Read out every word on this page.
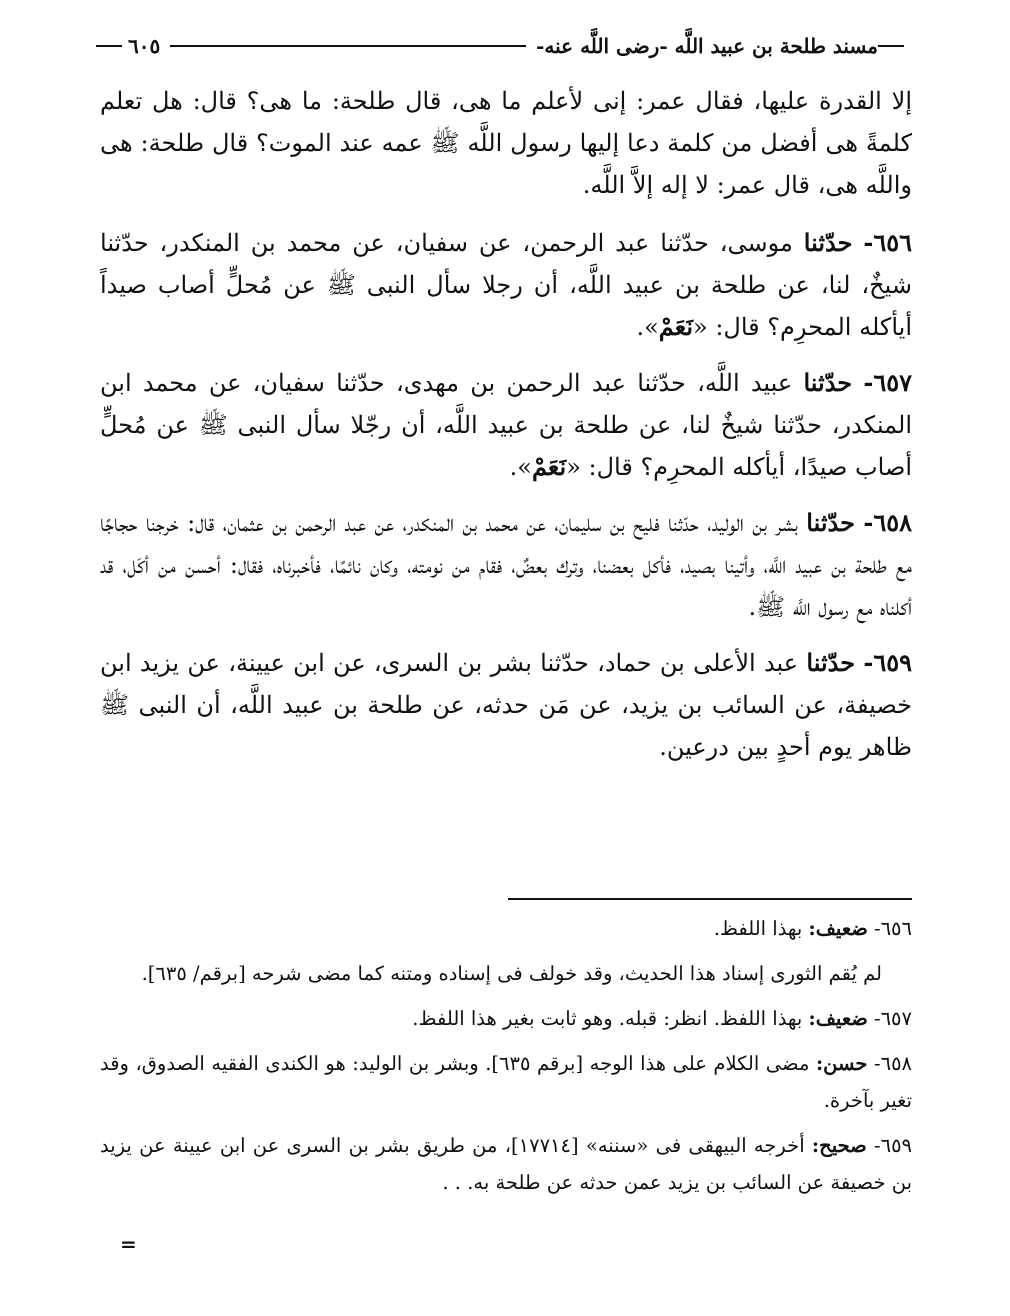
مسند طلحة بن عبيد اللَّه -رضى اللَّه عنه-
٦٠٥

إلا القدرة عليها، فقال عمر: إنى لأعلم ما هى، قال طلحة: ما هى؟ قال: هل تعلم كلمةً هى أفضل من كلمة دعا إليها رسول اللَّه ﷺ عمه عند الموت؟ قال طلحة: هى واللَّه هى، قال عمر: لا إله إلاَّ اللَّه.

٦٥٦- حدّثنا موسى، حدّثنا عبد الرحمن، عن سفيان، عن محمد بن المنكدر، حدّثنا شيخٌ، لنا، عن طلحة بن عبيد اللَّه، أن رجلا سأل النبى ﷺ عن مُحلٍّ أصاب صيداً أيأكله المحرِم؟ قال: «نَعَمْ».

٦٥٧- حدّثنا عبيد اللَّه، حدّثنا عبد الرحمن بن مهدى، حدّثنا سفيان، عن محمد ابن المنكدر، حدّثنا شيخٌ لنا، عن طلحة بن عبيد اللَّه، أن رجّلا سأل النبى ﷺ عن مُحلٍّ أصاب صيدًا، أيأكله المحرِم؟ قال: «نَعَمْ».

٦٥٨- حدّثنا بشر بن الوليد، حدّثنا فليح بن سليمان، عن محمد بن المنكدر، عن عبد الرحمن بن عثمان، قال: خرجنا حجاجًا مع طلحة بن عبيد اللَّه، وأتينا بصيد، فأكل بعضنا، وترك بعضٌ، فقام من نومته، وكان نائمًا، فأخبرناه، فقال: أحسن من أكَل، قد أكلناه مع رسول اللَّه ﷺ.

٦٥٩- حدّثنا عبد الأعلى بن حماد، حدّثنا بشر بن السرى، عن ابن عيينة، عن يزيد ابن خصيفة، عن السائب بن يزيد، عن مَن حدثه، عن طلحة بن عبيد اللَّه، أن النبى ﷺ ظاهر يوم أحدٍ بين درعين.

٦٥٦- ضعيف: بهذا اللفظ.

لم يُقم الثورى إسناد هذا الحديث، وقد خولف فى إسناده ومتنه كما مضى شرحه [برقم/ ٦٣٥].

٦٥٧- ضعيف: بهذا اللفظ. انظر: قبله. وهو ثابت بغير هذا اللفظ.

٦٥٨- حسن: مضى الكلام على هذا الوجه [برقم ٦٣٥]. وبشر بن الوليد: هو الكندى الفقيه الصدوق، وقد تغير بآخرة.

٦٥٩- صحيح: أخرجه البيهقى فى «سننه» [١٧٧١٤]، من طريق بشر بن السرى عن ابن عيينة عن يزيد بن خصيفة عن السائب بن يزيد عمن حدثه عن طلحة به. . .

=
